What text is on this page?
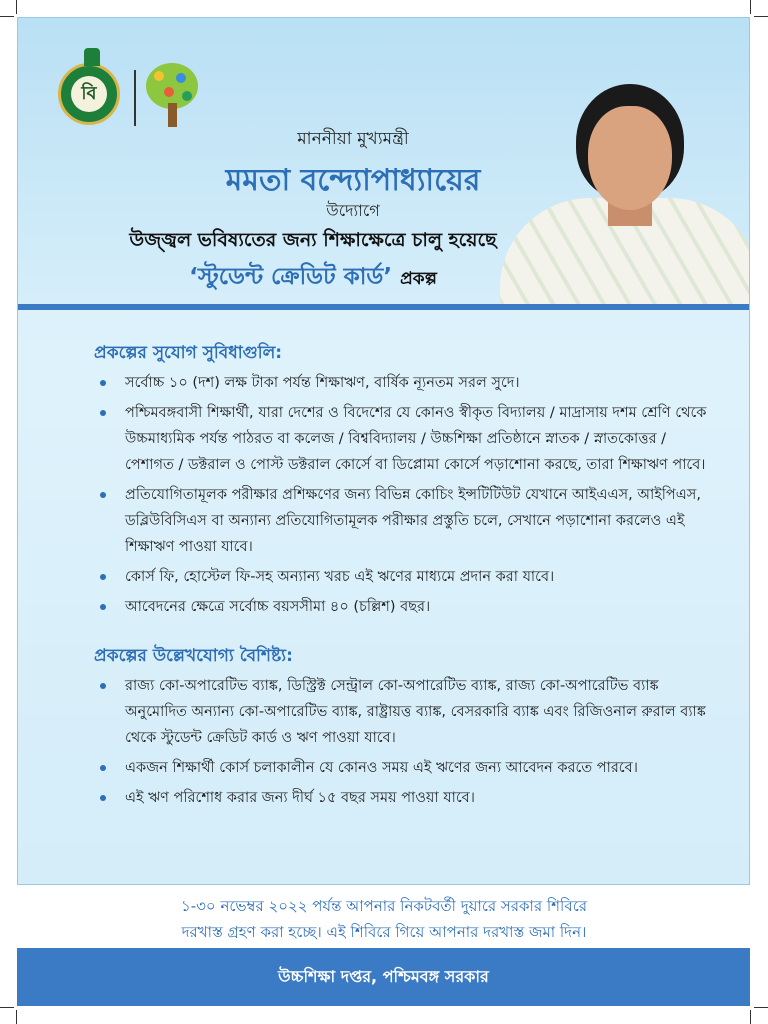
বি
মাননীয়া মুখ্যমন্ত্রী
মমতা বন্দ্যোপাধ্যায়ের
উদ্যোগে
উজ্জ্বল ভবিষ্যতের জন্য শিক্ষাক্ষেত্রে চালু হয়েছে
‘স্টুডেন্ট ক্রেডিট কার্ড’ প্রকল্প
প্রকল্পের সুযোগ সুবিধাগুলি:
সর্বোচ্চ ১০ (দশ) লক্ষ টাকা পর্যন্ত শিক্ষাঋণ, বার্ষিক ন্যূনতম সরল সুদে।
পশ্চিমবঙ্গবাসী শিক্ষার্থী, যারা দেশের ও বিদেশের যে কোনও স্বীকৃত বিদ্যালয় / মাদ্রাসায় দশম শ্রেণি থেকে উচ্চমাধ্যমিক পর্যন্ত পাঠরত বা কলেজ / বিশ্ববিদ্যালয় / উচ্চশিক্ষা প্রতিষ্ঠানে স্নাতক / স্নাতকোত্তর / পেশাগত / ডক্টরাল ও পোস্ট ডক্টরাল কোর্সে বা ডিপ্লোমা কোর্সে পড়াশোনা করছে, তারা শিক্ষাঋণ পাবে।
প্রতিযোগিতামূলক পরীক্ষার প্রশিক্ষণের জন্য বিভিন্ন কোচিং ইন্সটিটিউট যেখানে আইএএস, আইপিএস, ডব্লিউবিসিএস বা অন্যান্য প্রতিযোগিতামূলক পরীক্ষার প্রস্তুতি চলে, সেখানে পড়াশোনা করলেও এই শিক্ষাঋণ পাওয়া যাবে।
কোর্স ফি, হোস্টেল ফি-সহ অন্যান্য খরচ এই ঋণের মাধ্যমে প্রদান করা যাবে।
আবেদনের ক্ষেত্রে সর্বোচ্চ বয়সসীমা ৪০ (চল্লিশ) বছর।
প্রকল্পের উল্লেখযোগ্য বৈশিষ্ট্য:
রাজ্য কো-অপারেটিভ ব্যাঙ্ক, ডিস্ট্রিক্ট সেন্ট্রাল কো-অপারেটিভ ব্যাঙ্ক, রাজ্য কো-অপারেটিভ ব্যাঙ্ক অনুমোদিত অন্যান্য কো-অপারেটিভ ব্যাঙ্ক, রাষ্ট্রায়ত্ত ব্যাঙ্ক, বেসরকারি ব্যাঙ্ক এবং রিজিওনাল রুরাল ব্যাঙ্ক থেকে স্টুডেন্ট ক্রেডিট কার্ড ও ঋণ পাওয়া যাবে।
একজন শিক্ষার্থী কোর্স চলাকালীন যে কোনও সময় এই ঋণের জন্য আবেদন করতে পারবে।
এই ঋণ পরিশোধ করার জন্য দীর্ঘ ১৫ বছর সময় পাওয়া যাবে।
১-৩০ নভেম্বর ২০২২ পর্যন্ত আপনার নিকটবর্তী দুয়ারে সরকার শিবিরে
দরখাস্ত গ্রহণ করা হচ্ছে। এই শিবিরে গিয়ে আপনার দরখাস্ত জমা দিন।
উচ্চশিক্ষা দপ্তর, পশ্চিমবঙ্গ সরকার
